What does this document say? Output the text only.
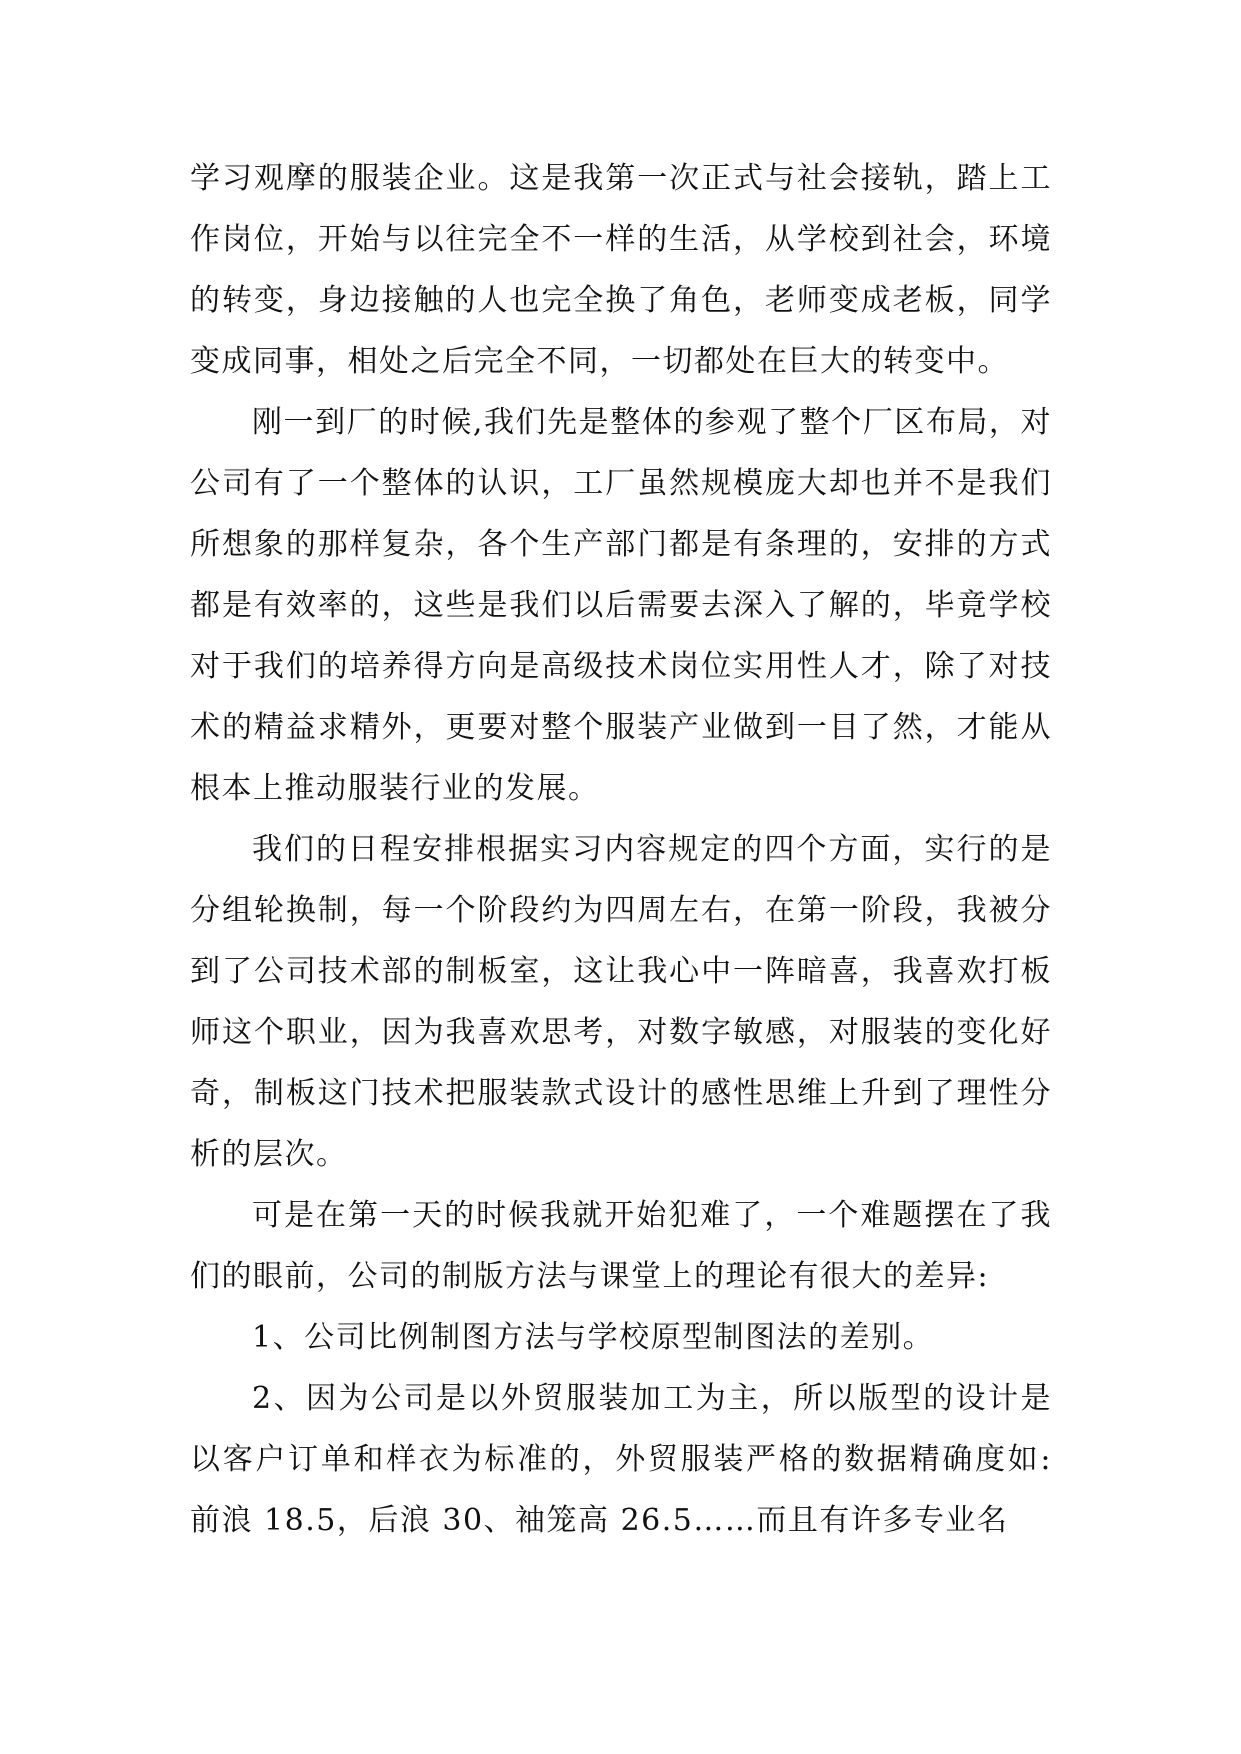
学习观摩的服装企业。这是我第一次正式与社会接轨，踏上工作岗位，开始与以往完全不一样的生活，从学校到社会，环境的转变，身边接触的人也完全换了角色，老师变成老板，同学变成同事，相处之后完全不同，一切都处在巨大的转变中。

刚一到厂的时候,我们先是整体的参观了整个厂区布局，对公司有了一个整体的认识，工厂虽然规模庞大却也并不是我们所想象的那样复杂，各个生产部门都是有条理的，安排的方式都是有效率的，这些是我们以后需要去深入了解的，毕竟学校对于我们的培养得方向是高级技术岗位实用性人才，除了对技术的精益求精外，更要对整个服装产业做到一目了然，才能从根本上推动服装行业的发展。

我们的日程安排根据实习内容规定的四个方面，实行的是分组轮换制，每一个阶段约为四周左右，在第一阶段，我被分到了公司技术部的制板室，这让我心中一阵暗喜，我喜欢打板师这个职业，因为我喜欢思考，对数字敏感，对服装的变化好奇，制板这门技术把服装款式设计的感性思维上升到了理性分析的层次。

可是在第一天的时候我就开始犯难了，一个难题摆在了我们的眼前，公司的制版方法与课堂上的理论有很大的差异:

1、公司比例制图方法与学校原型制图法的差别。

2、因为公司是以外贸服装加工为主，所以版型的设计是以客户订单和样衣为标准的，外贸服装严格的数据精确度如: 前浪 18.5，后浪 30、袖笼高 26.5……而且有许多专业名
